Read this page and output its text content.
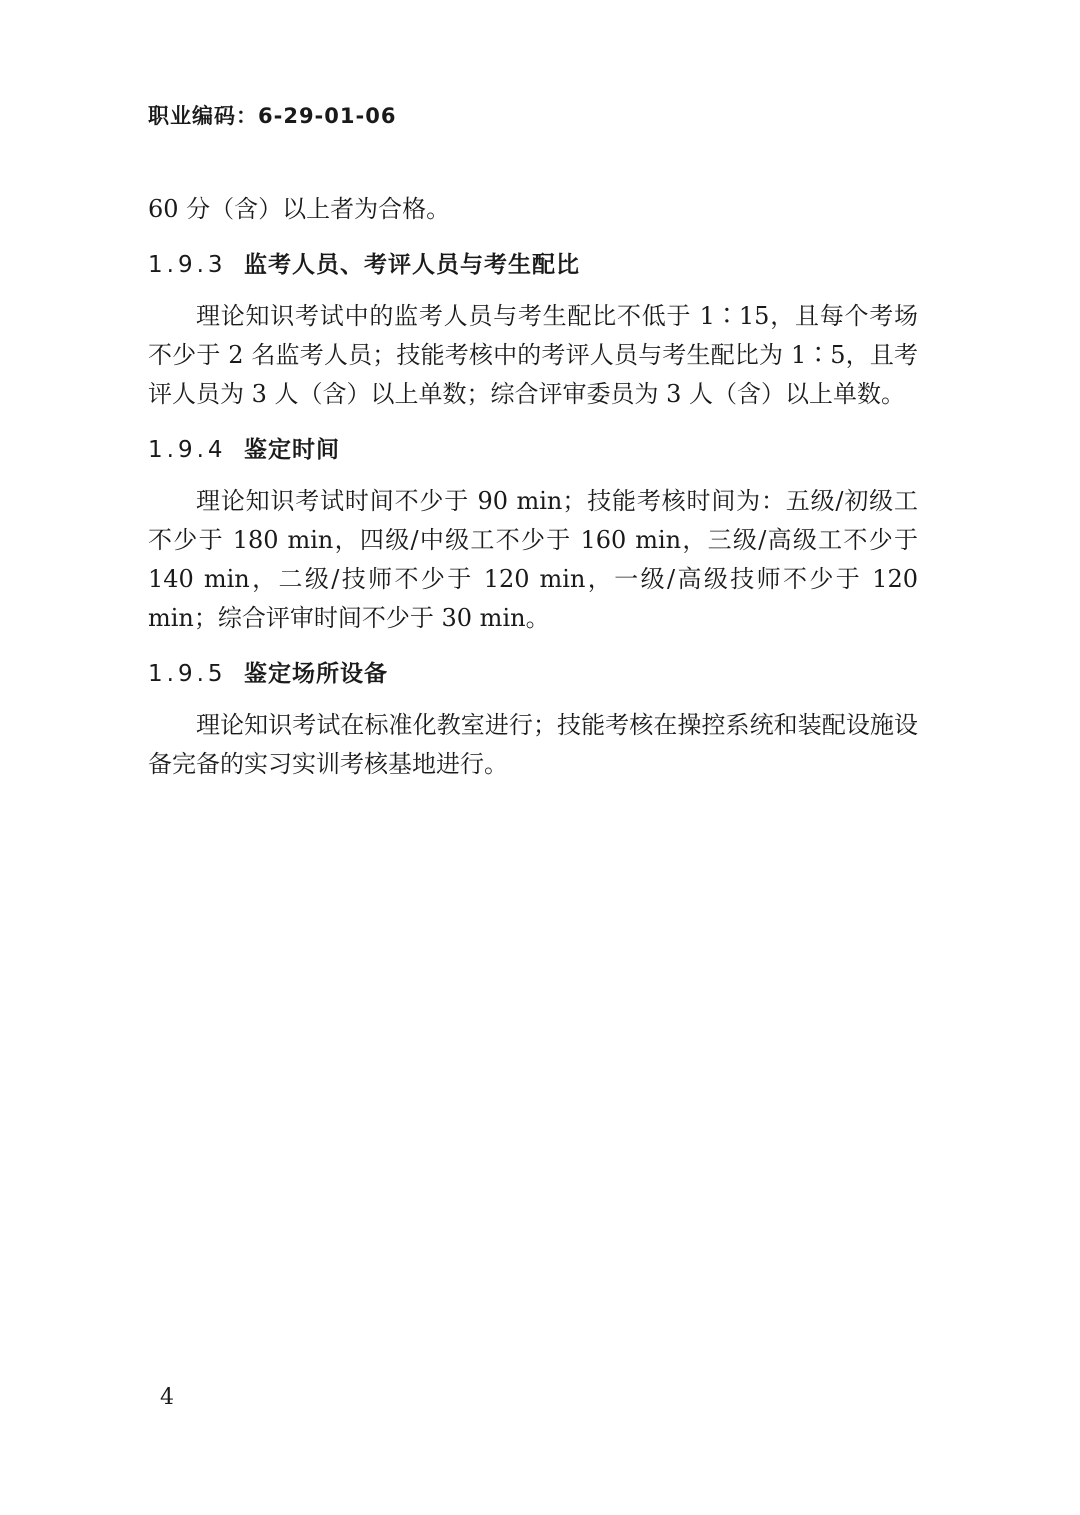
职业编码：6-29-01-06

60 分（含）以上者为合格。

1.9.3 监考人员、考评人员与考生配比

理论知识考试中的监考人员与考生配比不低于 1∶15，且每个考场不少于 2 名监考人员；技能考核中的考评人员与考生配比为 1∶5，且考评人员为 3 人（含）以上单数；综合评审委员为 3 人（含）以上单数。

1.9.4 鉴定时间

理论知识考试时间不少于 90 min；技能考核时间为：五级/初级工不少于 180 min，四级/中级工不少于 160 min，三级/高级工不少于 140 min，二级/技师不少于 120 min，一级/高级技师不少于 120 min；综合评审时间不少于 30 min。

1.9.5 鉴定场所设备

理论知识考试在标准化教室进行；技能考核在操控系统和装配设施设备完备的实习实训考核基地进行。

4
